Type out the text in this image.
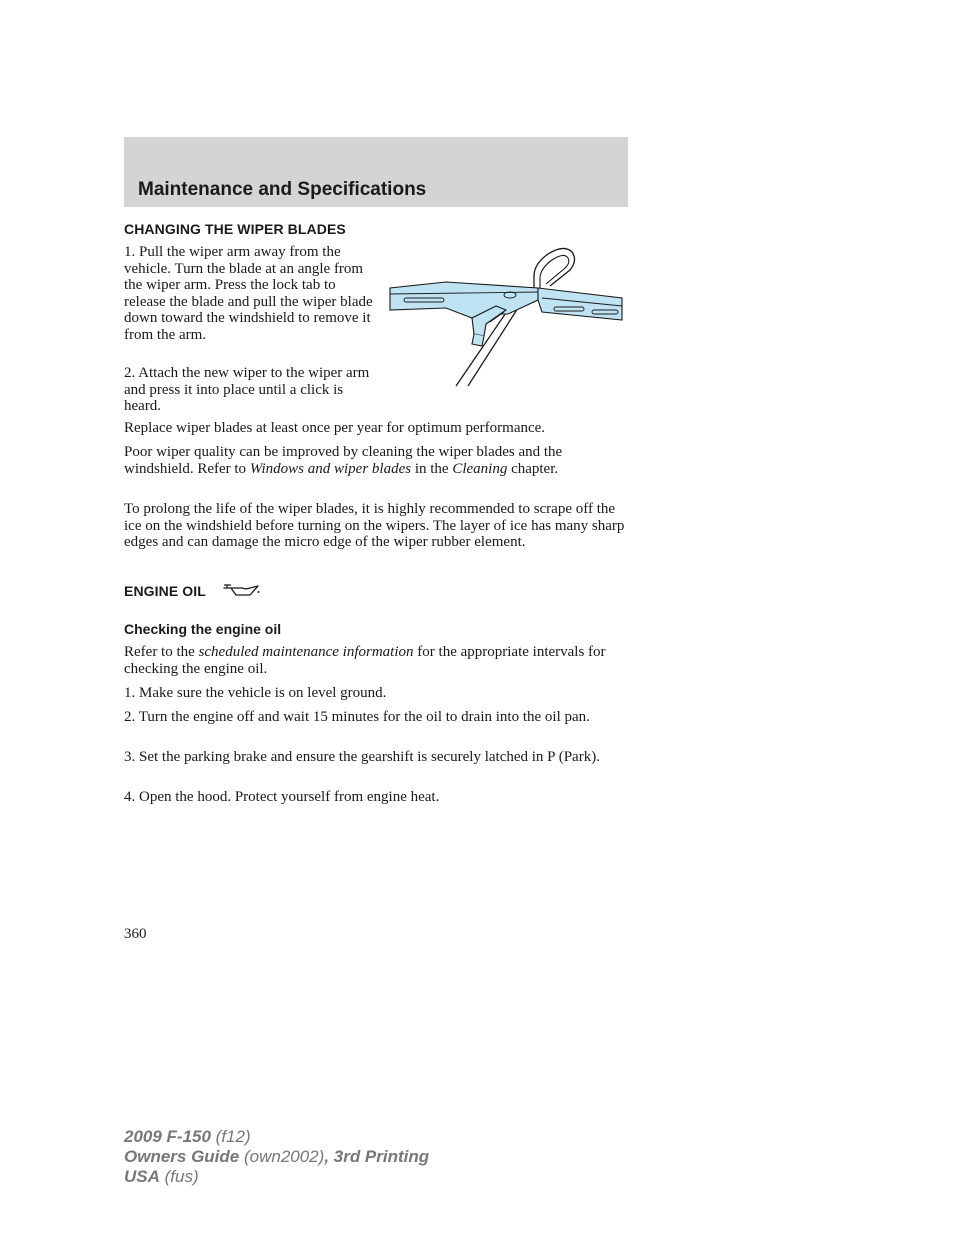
Maintenance and Specifications
CHANGING THE WIPER BLADES

1. Pull the wiper arm away from the vehicle. Turn the blade at an angle from the wiper arm. Press the lock tab to release the blade and pull the wiper blade down toward the windshield to remove it from the arm.

2. Attach the new wiper to the wiper arm and press it into place until a click is heard.

Replace wiper blades at least once per year for optimum performance.

Poor wiper quality can be improved by cleaning the wiper blades and the windshield. Refer to Windows and wiper blades in the Cleaning chapter.

To prolong the life of the wiper blades, it is highly recommended to scrape off the ice on the windshield before turning on the wipers. The layer of ice has many sharp edges and can damage the micro edge of the wiper rubber element.

ENGINE OIL
Checking the engine oil

Refer to the scheduled maintenance information for the appropriate intervals for checking the engine oil.

1. Make sure the vehicle is on level ground.

2. Turn the engine off and wait 15 minutes for the oil to drain into the oil pan.

3. Set the parking brake and ensure the gearshift is securely latched in P (Park).

4. Open the hood. Protect yourself from engine heat.

360

2009 F-150 (f12)
Owners Guide (own2002), 3rd Printing
USA (fus)
